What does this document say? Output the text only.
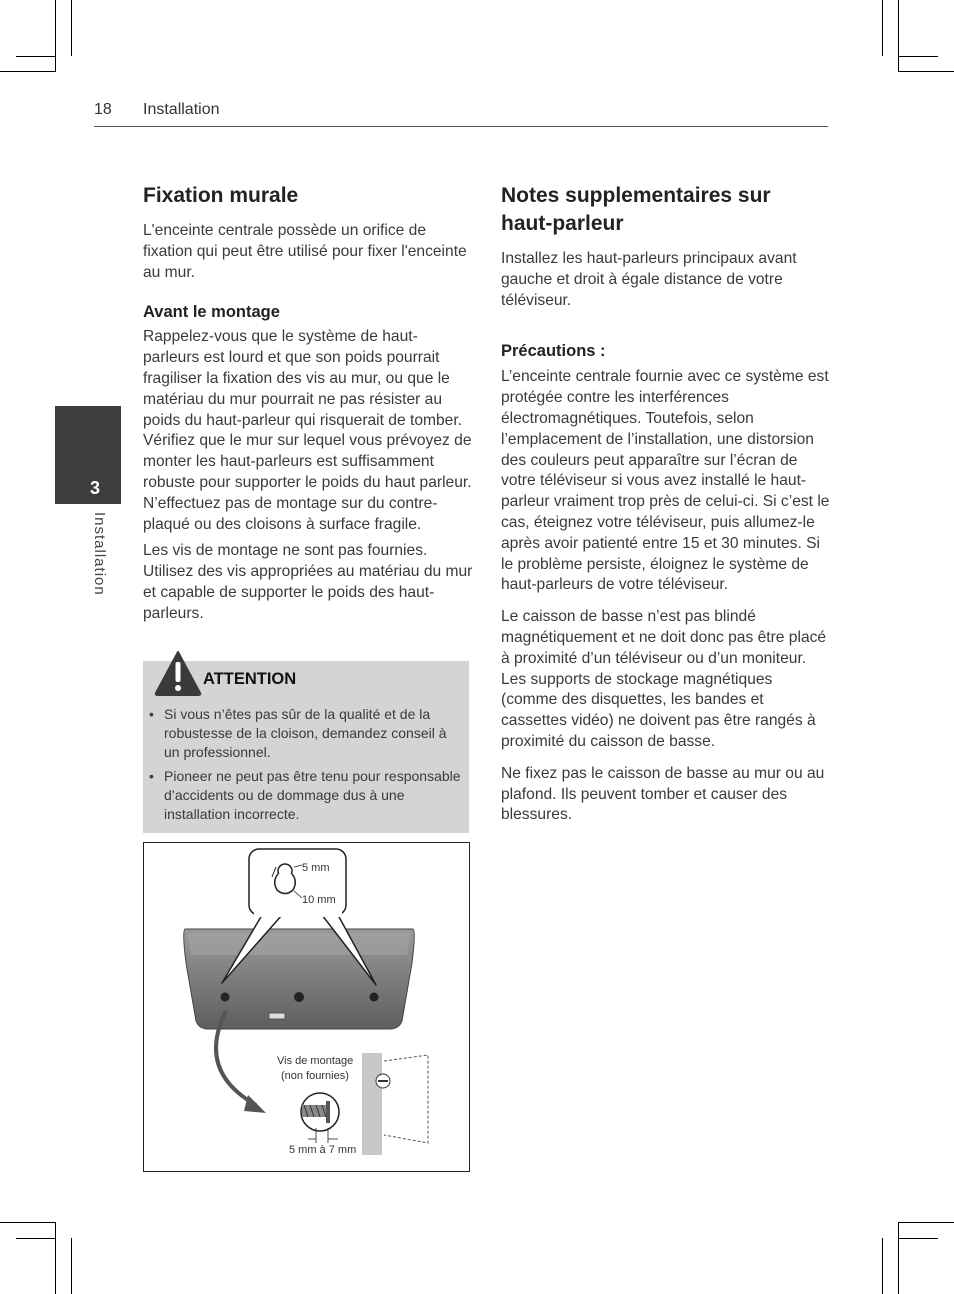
18 Installation
3
Installation
Fixation murale

L'enceinte centrale possède un orifice de fixation qui peut être utilisé pour fixer l'enceinte au mur.

Avant le montage

Rappelez-vous que le système de haut-parleurs est lourd et que son poids pourrait fragiliser la fixation des vis au mur, ou que le matériau du mur pourrait ne pas résister au poids du haut-parleur qui risquerait de tomber. Vérifiez que le mur sur lequel vous prévoyez de monter les haut-parleurs est suffisamment robuste pour supporter le poids du haut parleur. N’effectuez pas de montage sur du contre-plaqué ou des cloisons à surface fragile.

Les vis de montage ne sont pas fournies. Utilisez des vis appropriées au matériau du mur et capable de supporter le poids des haut-parleurs.

ATTENTION
• Si vous n’êtes pas sûr de la qualité et de la robustesse de la cloison, demandez conseil à un professionnel.
• Pioneer ne peut pas être tenu pour responsable d’accidents ou de dommage dus à une installation incorrecte.
5 mm
10 mm
Vis de montage
(non fournies)
5 mm à 7 mm
Notes supplementaires sur haut-parleur

Installez les haut-parleurs principaux avant gauche et droit à égale distance de votre téléviseur.

Précautions :

L’enceinte centrale fournie avec ce système est protégée contre les interférences électromagnétiques. Toutefois, selon l’emplacement de l’installation, une distorsion des couleurs peut apparaître sur l’écran de votre téléviseur si vous avez installé le haut-parleur vraiment trop près de celui-ci. Si c’est le cas, éteignez votre téléviseur, puis allumez-le après avoir patienté entre 15 et 30 minutes. Si le problème persiste, éloignez le système de haut-parleurs de votre téléviseur.

Le caisson de basse n’est pas blindé magnétiquement et ne doit donc pas être placé à proximité d’un téléviseur ou d’un moniteur. Les supports de stockage magnétiques (comme des disquettes, les bandes et cassettes vidéo) ne doivent pas être rangés à proximité du caisson de basse.

Ne fixez pas le caisson de basse au mur ou au plafond. Ils peuvent tomber et causer des blessures.
